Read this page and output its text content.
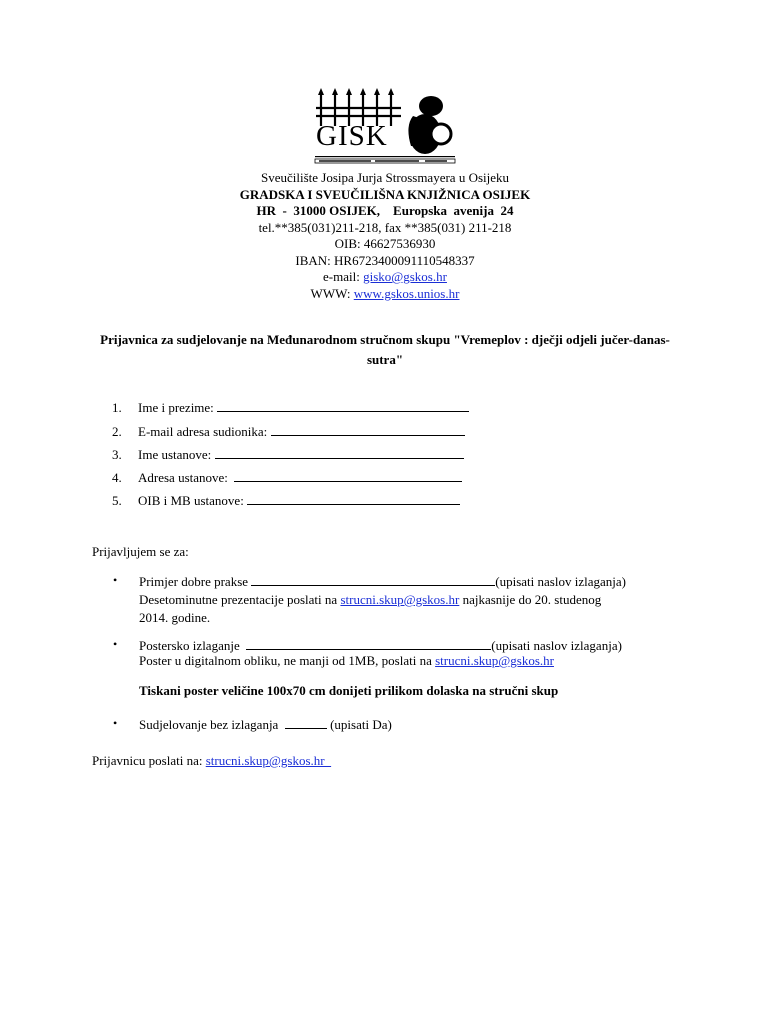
GISK
Sveučilište Josipa Jurja Strossmayera u Osijeku
GRADSKA I SVEUČILIŠNA KNJIŽNICA OSIJEK
HR  -  31000 OSIJEK,    Europska  avenija  24
tel.**385(031)211-218, fax **385(031) 211-218
OIB: 46627536930
IBAN: HR6723400091110548337
e-mail: gisko@gskos.hr
WWW: www.gskos.unios.hr
Prijavnica za sudjelovanje na Međunarodnom stručnom skupu "Vremeplov : dječji odjeli jučer-danas-sutra"
1. Ime i prezime:
2. E-mail adresa sudionika:
3. Ime ustanove:
4. Adresa ustanove:
5. OIB i MB ustanove:
Prijavljujem se za:
• Primjer dobre prakse	(upisati naslov izlaganja)
Desetominutne prezentacije poslati na strucni.skup@gskos.hr najkasnije do 20. studenog
2014. godine.
• Postersko izlaganje	(upisati naslov izlaganja)
Poster u digitalnom obliku, ne manji od 1MB, poslati na strucni.skup@gskos.hr
Tiskani poster veličine 100x70 cm donijeti prilikom dolaska na stručni skup
• Sudjelovanje bez izlaganja	(upisati Da)
Prijavnicu poslati na: strucni.skup@gskos.hr
